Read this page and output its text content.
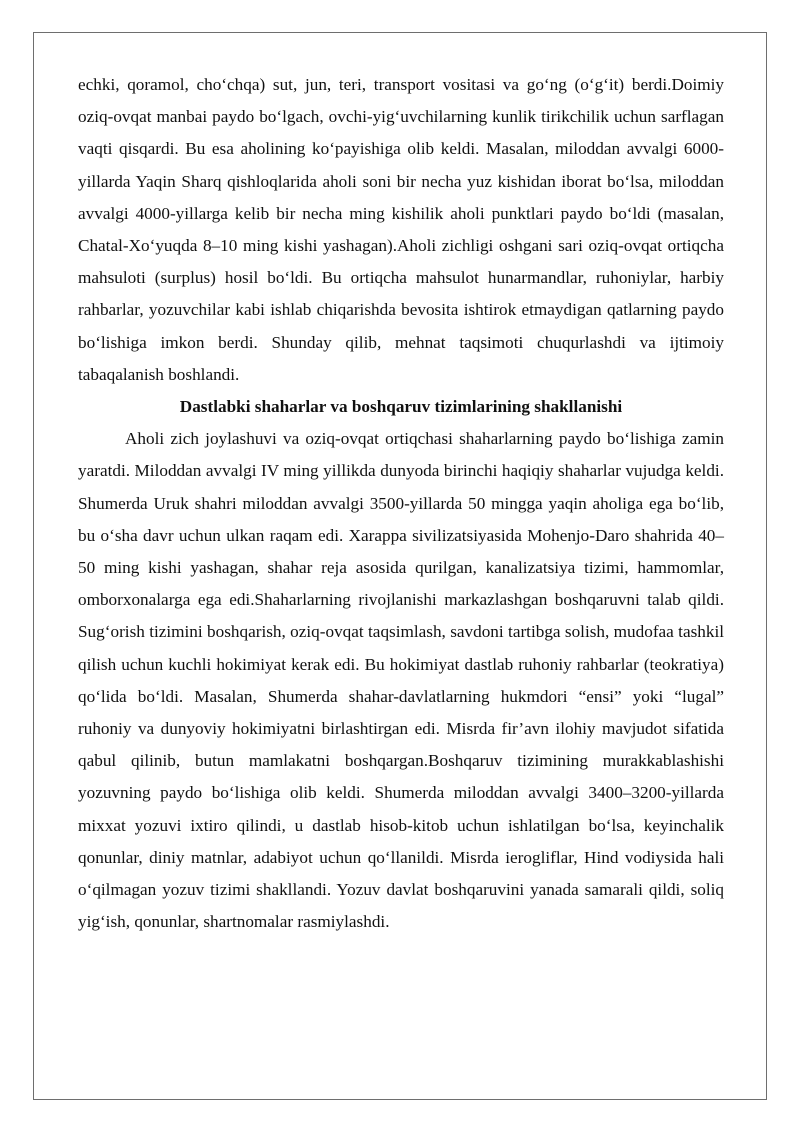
echki, qoramol, cho‘chqa) sut, jun, teri, transport vositasi va go‘ng (o‘g‘it) berdi.Doimiy oziq-ovqat manbai paydo bo‘lgach, ovchi-yig‘uvchilarning kunlik tirikchilik uchun sarflagan vaqti qisqardi. Bu esa aholining ko‘payishiga olib keldi. Masalan, miloddan avvalgi 6000-yillarda Yaqin Sharq qishloqlarida aholi soni bir necha yuz kishidan iborat bo‘lsa, miloddan avvalgi 4000-yillarga kelib bir necha ming kishilik aholi punktlari paydo bo‘ldi (masalan, Chatal-Xo‘yuqda 8–10 ming kishi yashagan).Aholi zichligi oshgani sari oziq-ovqat ortiqcha mahsuloti (surplus) hosil bo‘ldi. Bu ortiqcha mahsulot hunarmandlar, ruhoniylar, harbiy rahbarlar, yozuvchilar kabi ishlab chiqarishda bevosita ishtirok etmaydigan qatlarning paydo bo‘lishiga imkon berdi. Shunday qilib, mehnat taqsimoti chuqurlashdi va ijtimoiy tabaqalanish boshlandi.

Dastlabki shaharlar va boshqaruv tizimlarining shakllanishi

Aholi zich joylashuvi va oziq-ovqat ortiqchasi shaharlarning paydo bo‘lishiga zamin yaratdi. Miloddan avvalgi IV ming yillikda dunyoda birinchi haqiqiy shaharlar vujudga keldi. Shumerda Uruk shahri miloddan avvalgi 3500-yillarda 50 mingga yaqin aholiga ega bo‘lib, bu o‘sha davr uchun ulkan raqam edi. Xarappa sivilizatsiyasida Mohenjo-Daro shahrida 40–50 ming kishi yashagan, shahar reja asosida qurilgan, kanalizatsiya tizimi, hammomlar, omborxonalarga ega edi.Shaharlarning rivojlanishi markazlashgan boshqaruvni talab qildi. Sug‘orish tizimini boshqarish, oziq-ovqat taqsimlash, savdoni tartibga solish, mudofaa tashkil qilish uchun kuchli hokimiyat kerak edi. Bu hokimiyat dastlab ruhoniy rahbarlar (teokratiya) qo‘lida bo‘ldi. Masalan, Shumerda shahar-davlatlarning hukmdori “ensi” yoki “lugal” ruhoniy va dunyoviy hokimiyatni birlashtirgan edi. Misrda fir’avn ilohiy mavjudot sifatida qabul qilinib, butun mamlakatni boshqargan.Boshqaruv tizimining murakkablashishi yozuvning paydo bo‘lishiga olib keldi. Shumerda miloddan avvalgi 3400–3200-yillarda mixxat yozuvi ixtiro qilindi, u dastlab hisob-kitob uchun ishlatilgan bo‘lsa, keyinchalik qonunlar, diniy matnlar, adabiyot uchun qo‘llanildi. Misrda ierogliflar, Hind vodiysida hali o‘qilmagan yozuv tizimi shakllandi. Yozuv davlat boshqaruvini yanada samarali qildi, soliq yig‘ish, qonunlar, shartnomalar rasmiylashdi.
